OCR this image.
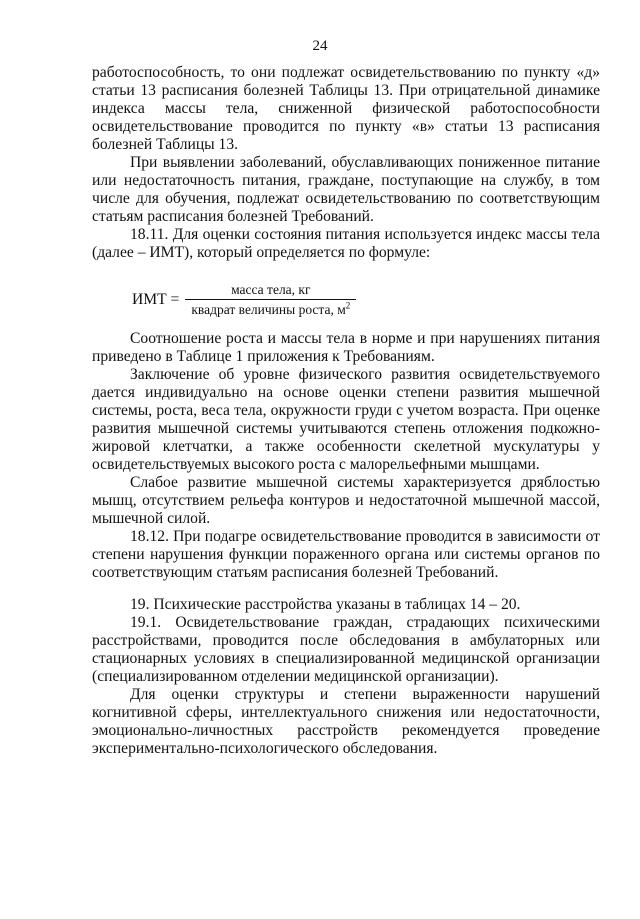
24

работоспособность, то они подлежат освидетельствованию по пункту «д» статьи 13 расписания болезней Таблицы 13. При отрицательной динамике индекса массы тела, сниженной физической работоспособности освидетельствование проводится по пункту «в» статьи 13 расписания болезней Таблицы 13.

При выявлении заболеваний, обуславливающих пониженное питание или недостаточность питания, граждане, поступающие на службу, в том числе для обучения, подлежат освидетельствованию по соответствующим статьям расписания болезней Требований.

18.11. Для оценки состояния питания используется индекс массы тела (далее – ИМТ), который определяется по формуле:

ИМТ = $\frac{\text{масса тела, кг}}{квадрат величины роста, м^2}$

Соотношение роста и массы тела в норме и при нарушениях питания приведено в Таблице 1 приложения к Требованиям.

Заключение об уровне физического развития освидетельствуемого дается индивидуально на основе оценки степени развития мышечной системы, роста, веса тела, окружности груди с учетом возраста. При оценке развития мышечной системы учитываются степень отложения подкожно-жировой клетчатки, а также особенности скелетной мускулатуры у освидетельствуемых высокого роста с малорельефными мышцами.

Слабое развитие мышечной системы характеризуется дряблостью мышц, отсутствием рельефа контуров и недостаточной мышечной массой, мышечной силой.

18.12. При подагре освидетельствование проводится в зависимости от степени нарушения функции пораженного органа или системы органов по соответствующим статьям расписания болезней Требований.

19. Психические расстройства указаны в таблицах 14 – 20.

19.1. Освидетельствование граждан, страдающих психическими расстройствами, проводится после обследования в амбулаторных или стационарных условиях в специализированной медицинской организации (специализированном отделении медицинской организации).

Для оценки структуры и степени выраженности нарушений когнитивной сферы, интеллектуального снижения или недостаточности, эмоционально-личностных расстройств рекомендуется проведение экспериментально-психологического обследования.
